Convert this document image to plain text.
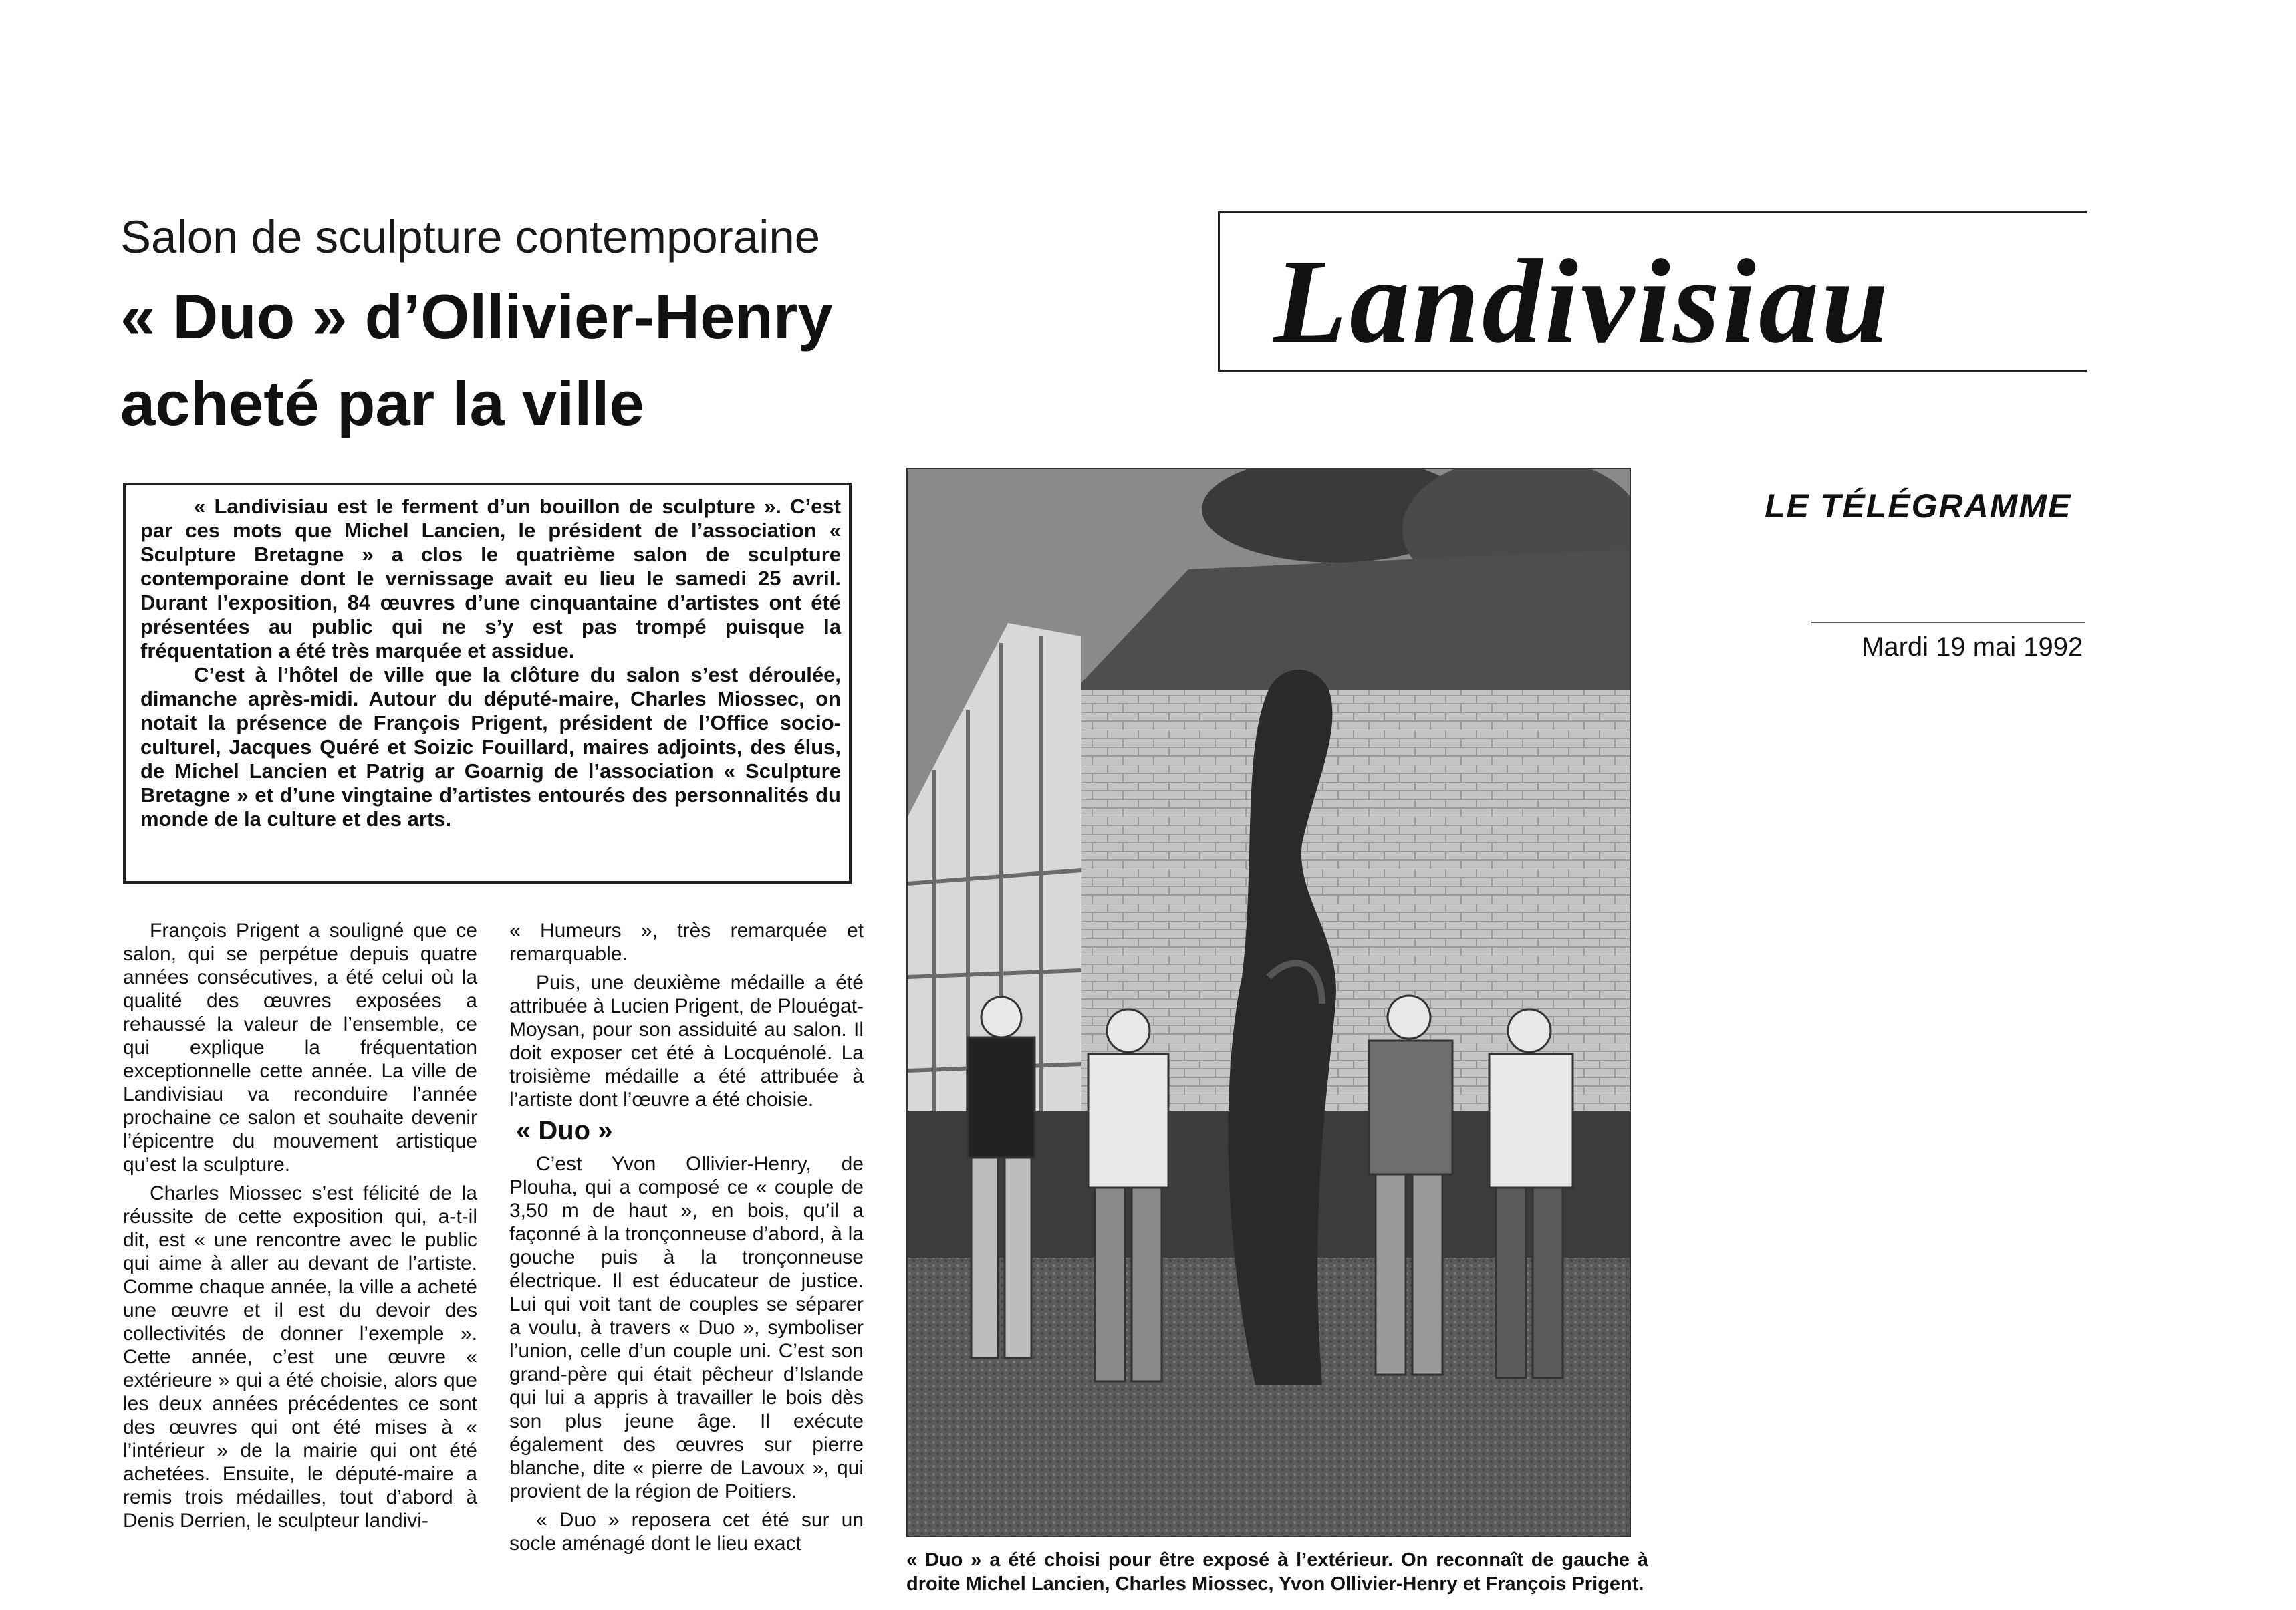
Salon de sculpture contemporaine
« Duo » d’Ollivier-Henry
acheté par la ville
Landivisiau
LE TÉLÉGRAMME
Mardi 19 mai 1992

« Landivisiau est le ferment d’un bouillon de sculpture ». C’est par ces mots que Michel Lancien, le président de l’association « Sculpture Bretagne » a clos le quatrième salon de sculpture contemporaine dont le vernissage avait eu lieu le samedi 25 avril. Durant l’exposition, 84 œuvres d’une cinquantaine d’artistes ont été présentées au public qui ne s’y est pas trompé puisque la fréquentation a été très marquée et assidue.

C’est à l’hôtel de ville que la clôture du salon s’est déroulée, dimanche après-midi. Autour du député-maire, Charles Miossec, on notait la présence de François Prigent, président de l’Office socio-culturel, Jacques Quéré et Soizic Fouillard, maires adjoints, des élus, de Michel Lancien et Patrig ar Goarnig de l’association « Sculpture Bretagne » et d’une vingtaine d’artistes entourés des personnalités du monde de la culture et des arts.

François Prigent a souligné que ce salon, qui se perpétue depuis quatre années consécutives, a été celui où la qualité des œuvres exposées a rehaussé la valeur de l’ensemble, ce qui explique la fréquentation exceptionnelle cette année. La ville de Landivisiau va reconduire l’année prochaine ce salon et souhaite devenir l’épicentre du mouvement artistique qu’est la sculpture.

Charles Miossec s’est félicité de la réussite de cette exposition qui, a-t-il dit, est « une rencontre avec le public qui aime à aller au devant de l’artiste. Comme chaque année, la ville a acheté une œuvre et il est du devoir des collectivités de donner l’exemple ». Cette année, c’est une œuvre « extérieure » qui a été choisie, alors que les deux années précédentes ce sont des œuvres qui ont été mises à « l’intérieur » de la mairie qui ont été achetées. Ensuite, le député-maire a remis trois médailles, tout d’abord à Denis Derrien, le sculpteur landivi-

« Humeurs », très remarquée et remarquable.

Puis, une deuxième médaille a été attribuée à Lucien Prigent, de Plouégat-Moysan, pour son assiduité au salon. Il doit exposer cet été à Locquénolé. La troisième médaille a été attribuée à l’artiste dont l’œuvre a été choisie.

« Duo »

C’est Yvon Ollivier-Henry, de Plouha, qui a composé ce « couple de 3,50 m de haut », en bois, qu’il a façonné à la tronçonneuse d’abord, à la gouche puis à la tronçonneuse électrique. Il est éducateur de justice. Lui qui voit tant de couples se séparer a voulu, à travers « Duo », symboliser l’union, celle d’un couple uni. C’est son grand-père qui était pêcheur d’Islande qui lui a appris à travailler le bois dès son plus jeune âge. Il exécute également des œuvres sur pierre blanche, dite « pierre de Lavoux », qui provient de la région de Poitiers.

« Duo » reposera cet été sur un socle aménagé dont le lieu exact

« Duo » a été choisi pour être exposé à l’extérieur. On reconnaît de gauche à droite Michel Lancien, Charles Miossec, Yvon Ollivier-Henry et François Prigent.
